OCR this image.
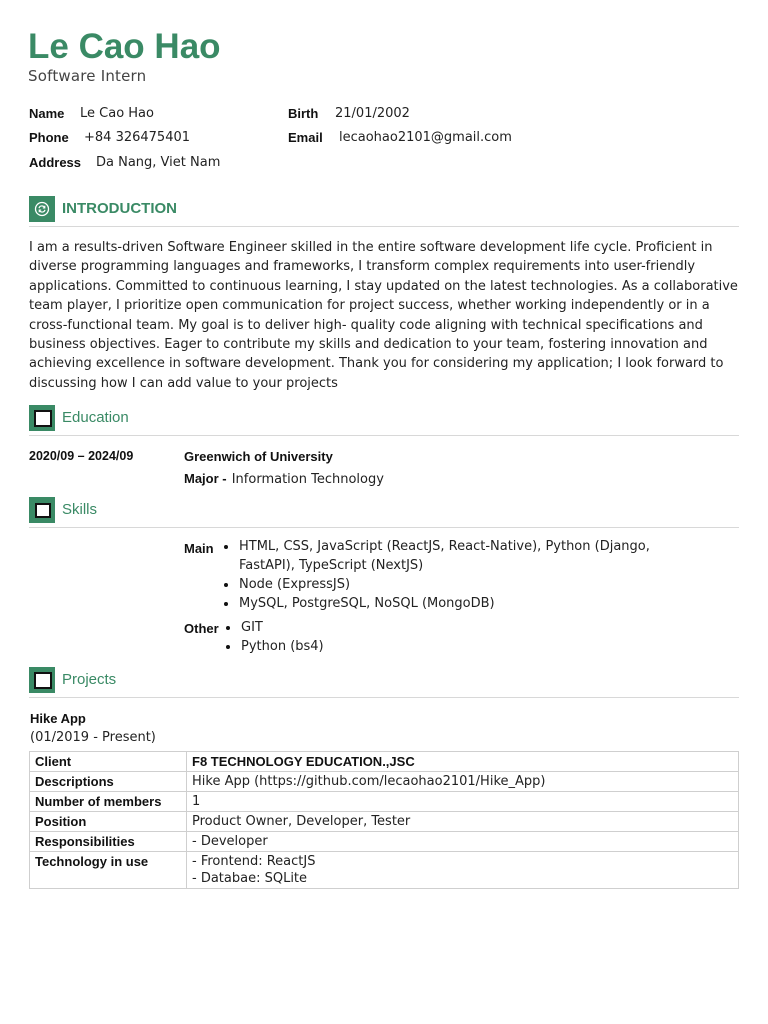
Le Cao Hao
Software Intern
Name Le Cao Hao	Birth 21/01/2002
Phone +84 326475401	Email lecaohao2101@gmail.com
Address Da Nang, Viet Nam
INTRODUCTION

I am a results-driven Software Engineer skilled in the entire software development life cycle. Proficient in diverse programming languages and frameworks, I transform complex requirements into user-friendly applications. Committed to continuous learning, I stay updated on the latest technologies. As a collaborative team player, I prioritize open communication for project success, whether working independently or in a cross-functional team. My goal is to deliver high- quality code aligning with technical specifications and business objectives. Eager to contribute my skills and dedication to your team, fostering innovation and achieving excellence in software development. Thank you for considering my application; I look forward to discussing how I can add value to your projects

Education
2020/09 – 2024/09	Greenwich of University
Major - Information Technology
Skills
Main HTML, CSS, JavaScript (ReactJS, React-Native), Python (Django, FastAPI), TypeScript (NextJS)
Node (ExpressJS)
MySQL, PostgreSQL, NoSQL (MongoDB)
Other GIT
Python (bs4)
Projects
Hike App
(01/2019 - Present)
Client	F8 TECHNOLOGY EDUCATION.,JSC
Descriptions	Hike App (https://github.com/lecaohao2101/Hike_App)
Number of members	1
Position	Product Owner, Developer, Tester
Responsibilities	- Developer
Technology in use	- Frontend: ReactJS
- Databae: SQLite
